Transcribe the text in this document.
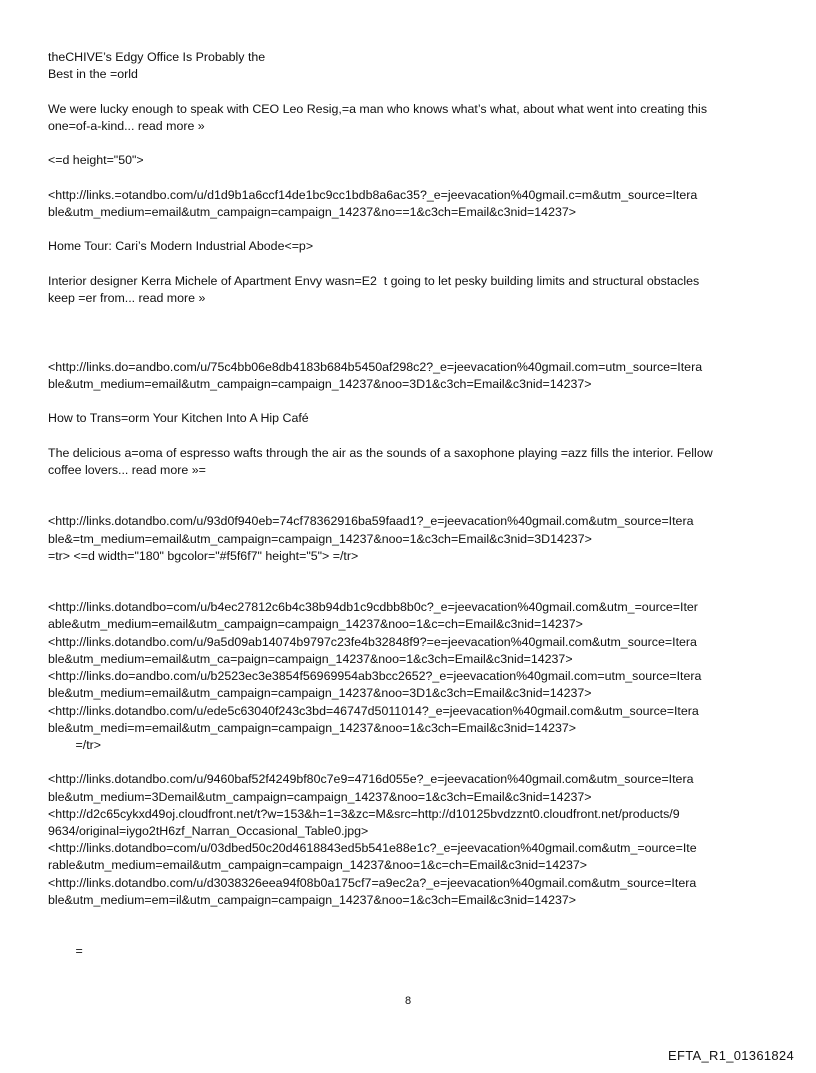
theCHIVE’s Edgy Office Is Probably the
Best in the =orld
We were lucky enough to speak with CEO Leo Resig,=a man who knows what’s what, about what went into creating this
one=of-a-kind... read more »
<=d height="50">
<http://links.=otandbo.com/u/d1d9b1a6ccf14de1bc9cc1bdb8a6ac35?_e=jeevacation%40gmail.c=m&utm_source=Itera
ble&utm_medium=email&utm_campaign=campaign_14237&no==1&c3ch=Email&c3nid=14237>
Home Tour: Cari’s Modern Industrial Abode<=p>
Interior designer Kerra Michele of Apartment Envy wasn=E2  t going to let pesky building limits and structural obstacles
keep =er from... read more »
<http://links.do=andbo.com/u/75c4bb06e8db4183b684b5450af298c2?_e=jeevacation%40gmail.com=utm_source=Itera
ble&utm_medium=email&utm_campaign=campaign_14237&noo=3D1&c3ch=Email&c3nid=14237>
How to Trans=orm Your Kitchen Into A Hip Café
The delicious a=oma of espresso wafts through the air as the sounds of a saxophone playing =azz fills the interior. Fellow
coffee lovers... read more »=
<http://links.dotandbo.com/u/93d0f940eb=74cf78362916ba59faad1?_e=jeevacation%40gmail.com&utm_source=Itera
ble&=tm_medium=email&utm_campaign=campaign_14237&noo=1&c3ch=Email&c3nid=3D14237>
=tr> <=d width="180" bgcolor="#f5f6f7" height="5"> =/tr>
<http://links.dotandbo=com/u/b4ec27812c6b4c38b94db1c9cdbb8b0c?_e=jeevacation%40gmail.com&utm_=ource=Iter
able&utm_medium=email&utm_campaign=campaign_14237&noo=1&c=ch=Email&c3nid=14237>
<http://links.dotandbo.com/u/9a5d09ab14074b9797c23fe4b32848f9?=e=jeevacation%40gmail.com&utm_source=Itera
ble&utm_medium=email&utm_ca=paign=campaign_14237&noo=1&c3ch=Email&c3nid=14237>
<http://links.do=andbo.com/u/b2523ec3e3854f56969954ab3bcc2652?_e=jeevacation%40gmail.com=utm_source=Itera
ble&utm_medium=email&utm_campaign=campaign_14237&noo=3D1&c3ch=Email&c3nid=14237>
<http://links.dotandbo.com/u/ede5c63040f243c3bd=46747d5011014?_e=jeevacation%40gmail.com&utm_source=Itera
ble&utm_medi=m=email&utm_campaign=campaign_14237&noo=1&c3ch=Email&c3nid=14237>
=/tr>
<http://links.dotandbo.com/u/9460baf52f4249bf80c7e9=4716d055e?_e=jeevacation%40gmail.com&utm_source=Itera
ble&utm_medium=3Demail&utm_campaign=campaign_14237&noo=1&c3ch=Email&c3nid=14237>
<http://d2c65cykxd49oj.cloudfront.net/t?w=153&h=1=3&zc=M&src=http://d10125bvdzznt0.cloudfront.net/products/9
9634/original=iygo2tH6zf_Narran_Occasional_Table0.jpg>
<http://links.dotandbo=com/u/03dbed50c20d4618843ed5b541e88e1c?_e=jeevacation%40gmail.com&utm_=ource=Ite
rable&utm_medium=email&utm_campaign=campaign_14237&noo=1&c=ch=Email&c3nid=14237>
<http://links.dotandbo.com/u/d3038326eea94f08b0a175cf7=a9ec2a?_e=jeevacation%40gmail.com&utm_source=Itera
ble&utm_medium=em=il&utm_campaign=campaign_14237&noo=1&c3ch=Email&c3nid=14237>
=
8
EFTA_R1_01361824
